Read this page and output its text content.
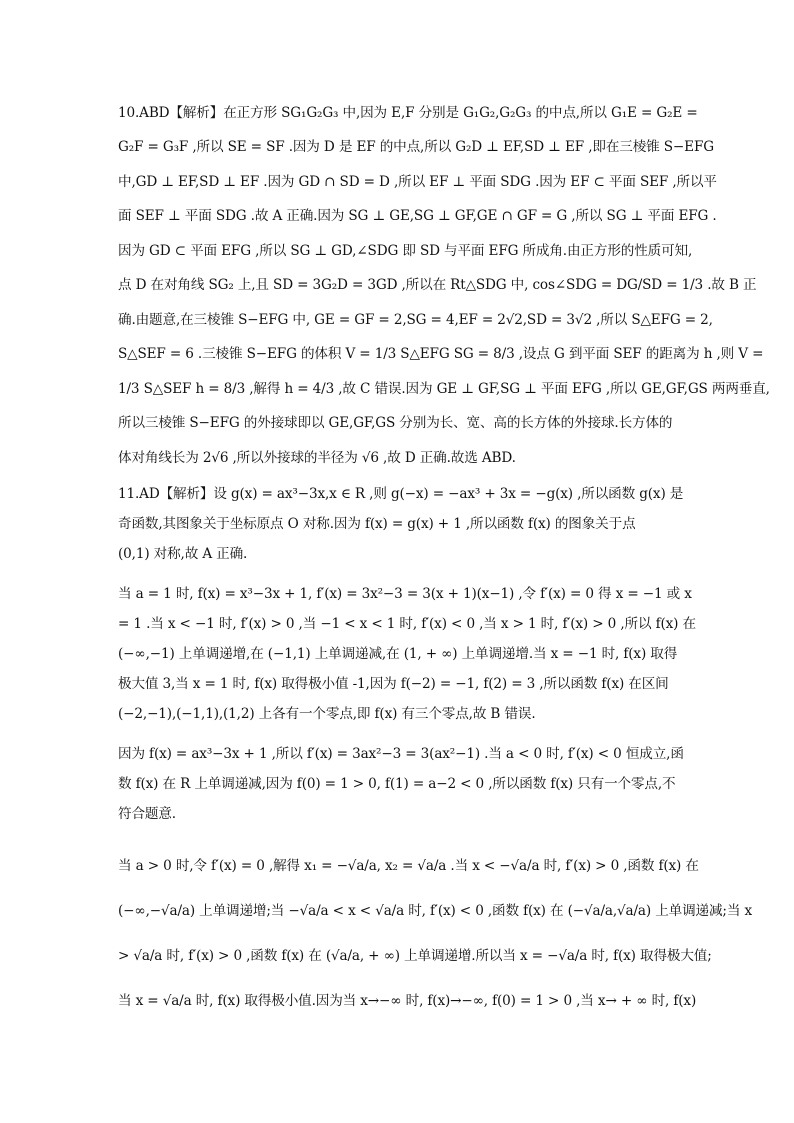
10.ABD【解析】在正方形 SG₁G₂G₃ 中,因为 E,F 分别是 G₁G₂,G₂G₃ 的中点,所以 G₁E = G₂E =
G₂F = G₃F ,所以 SE = SF .因为 D 是 EF 的中点,所以 G₂D ⊥ EF,SD ⊥ EF ,即在三棱锥 S−EFG
中,GD ⊥ EF,SD ⊥ EF .因为 GD ∩ SD = D ,所以 EF ⊥ 平面 SDG .因为 EF ⊂ 平面 SEF ,所以平
面 SEF ⊥ 平面 SDG .故 A 正确.因为 SG ⊥ GE,SG ⊥ GF,GE ∩ GF = G ,所以 SG ⊥ 平面 EFG .
因为 GD ⊂ 平面 EFG ,所以 SG ⊥ GD,∠SDG 即 SD 与平面 EFG 所成角.由正方形的性质可知,
点 D 在对角线 SG₂ 上,且 SD = 3G₂D = 3GD ,所以在 Rt△SDG 中, cos∠SDG = DG/SD = 1/3 .故 B 正
确.由题意,在三棱锥 S−EFG 中, GE = GF = 2,SG = 4,EF = 2√2,SD = 3√2 ,所以 S△EFG = 2,
S△SEF = 6 .三棱锥 S−EFG 的体积 V = 1/3 S△EFG SG = 8/3 ,设点 G 到平面 SEF 的距离为 h ,则 V =
1/3 S△SEF h = 8/3 ,解得 h = 4/3 ,故 C 错误.因为 GE ⊥ GF,SG ⊥ 平面 EFG ,所以 GE,GF,GS 两两垂直,
所以三棱锥 S−EFG 的外接球即以 GE,GF,GS 分别为长、宽、高的长方体的外接球.长方体的
体对角线长为 2√6 ,所以外接球的半径为 √6 ,故 D 正确.故选 ABD.
11.AD【解析】设 g(x) = ax³−3x,x ∈ R ,则 g(−x) = −ax³ + 3x = −g(x) ,所以函数 g(x) 是
奇函数,其图象关于坐标原点 O 对称.因为 f(x) = g(x) + 1 ,所以函数 f(x) 的图象关于点
(0,1) 对称,故 A 正确.
当 a = 1 时, f(x) = x³−3x + 1, f′(x) = 3x²−3 = 3(x + 1)(x−1) ,令 f′(x) = 0 得 x = −1 或 x
= 1 .当 x < −1 时, f′(x) > 0 ,当 −1 < x < 1 时, f′(x) < 0 ,当 x > 1 时, f′(x) > 0 ,所以 f(x) 在
(−∞,−1) 上单调递增,在 (−1,1) 上单调递减,在 (1, + ∞) 上单调递增.当 x = −1 时, f(x) 取得
极大值 3,当 x = 1 时, f(x) 取得极小值 -1,因为 f(−2) = −1, f(2) = 3 ,所以函数 f(x) 在区间
(−2,−1),(−1,1),(1,2) 上各有一个零点,即 f(x) 有三个零点,故 B 错误.
因为 f(x) = ax³−3x + 1 ,所以 f′(x) = 3ax²−3 = 3(ax²−1) .当 a < 0 时, f′(x) < 0 恒成立,函
数 f(x) 在 R 上单调递减,因为 f(0) = 1 > 0, f(1) = a−2 < 0 ,所以函数 f(x) 只有一个零点,不
符合题意.
当 a > 0 时,令 f′(x) = 0 ,解得 x₁ = −√a/a, x₂ = √a/a .当 x < −√a/a 时, f′(x) > 0 ,函数 f(x) 在
(−∞,−√a/a) 上单调递增;当 −√a/a < x < √a/a 时, f′(x) < 0 ,函数 f(x) 在 (−√a/a,√a/a) 上单调递减;当 x
> √a/a 时, f′(x) > 0 ,函数 f(x) 在 (√a/a, + ∞) 上单调递增.所以当 x = −√a/a 时, f(x) 取得极大值;
当 x = √a/a 时, f(x) 取得极小值.因为当 x→−∞ 时, f(x)→−∞, f(0) = 1 > 0 ,当 x→ + ∞ 时, f(x)
